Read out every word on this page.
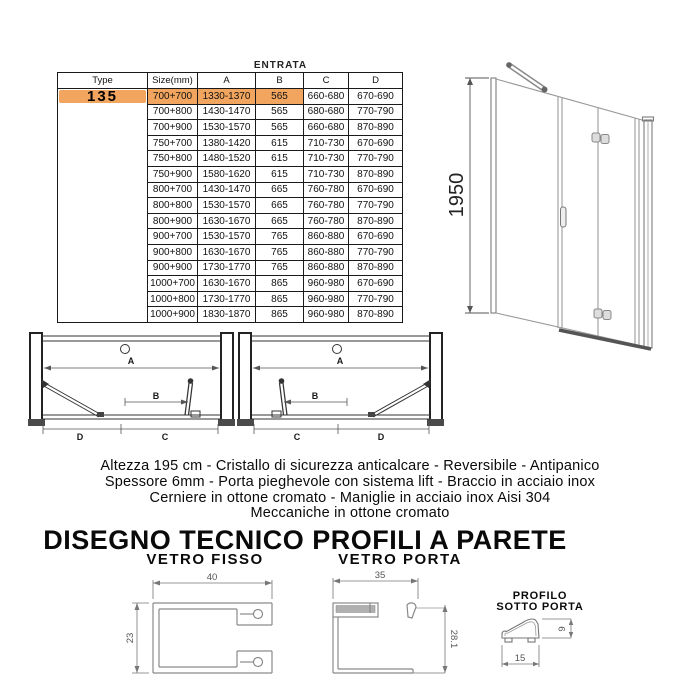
ENTRATA
Type	Size(mm)	A	B	C	D

135	700+700	1330-1370	565	660-680	670-690
	700+800	1430-1470	565	680-680	770-790
	700+900	1530-1570	565	660-680	870-890
	750+700	1380-1420	615	710-730	670-690
	750+800	1480-1520	615	710-730	770-790
	750+900	1580-1620	615	710-730	870-890
	800+700	1430-1470	665	760-780	670-690
	800+800	1530-1570	665	760-780	770-790
	800+900	1630-1670	665	760-780	870-890
	900+700	1530-1570	765	860-880	670-690
	900+800	1630-1670	765	860-880	770-790
	900+900	1730-1770	765	860-880	870-890
	1000+700	1630-1670	865	960-980	670-690
	1000+800	1730-1770	865	960-980	770-790
	1000+900	1830-1870	865	960-980	870-890
1950
A
B
D	C
A
B
C	D
Altezza 195 cm - Cristallo di sicurezza anticalcare - Reversibile - Antipanico
Spessore 6mm - Porta pieghevole con sistema lift - Braccio in acciaio inox
Cerniere in ottone cromato - Maniglie in acciaio inox Aisi 304
Meccaniche in ottone cromato
DISEGNO TECNICO PROFILI A PARETE
VETRO FISSO	VETRO PORTA
40
23
35
28.1
PROFILO
SOTTO PORTA
15
9
